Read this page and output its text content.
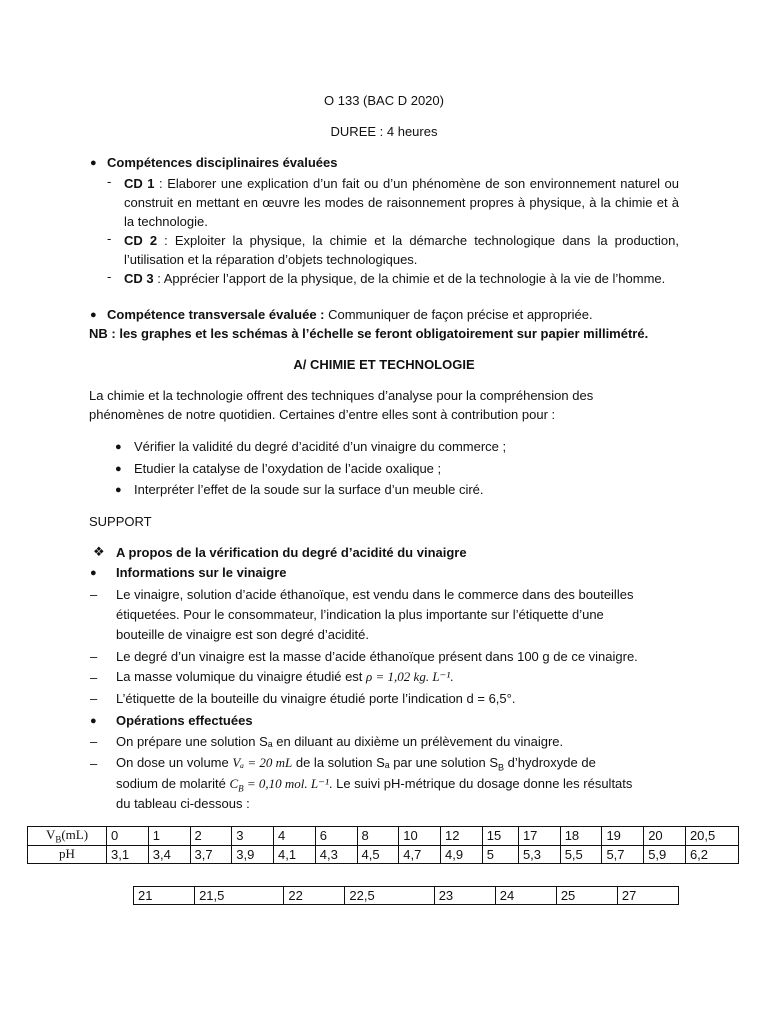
O 133 (BAC D 2020)
DUREE : 4 heures
● Compétences disciplinaires évaluées
- CD 1 : Elaborer une explication d’un fait ou d’un phénomène de son environnement naturel ou construit en mettant en œuvre les modes de raisonnement propres à physique, à la chimie et à la technologie.
- CD 2 : Exploiter la physique, la chimie et la démarche technologique dans la production, l’utilisation et la réparation d’objets technologiques.
- CD 3 : Apprécier l’apport de la physique, de la chimie et de la technologie à la vie de l’homme.
● Compétence transversale évaluée : Communiquer de façon précise et appropriée.
NB : les graphes et les schémas à l’échelle se feront obligatoirement sur papier millimétré.
A/ CHIMIE ET TECHNOLOGIE
La chimie et la technologie offrent des techniques d’analyse pour la compréhension des
phénomènes de notre quotidien. Certaines d’entre elles sont à contribution pour :
● Vérifier la validité du degré d’acidité d’un vinaigre du commerce ;
● Etudier la catalyse de l’oxydation de l’acide oxalique ;
● Interpréter l’effet de la soude sur la surface d’un meuble ciré.
SUPPORT
❖ A propos de la vérification du degré d’acidité du vinaigre
● Informations sur le vinaigre
– Le vinaigre, solution d’acide éthanoïque, est vendu dans le commerce dans des bouteilles
étiquetées. Pour le consommateur, l’indication la plus importante sur l’étiquette d’une
bouteille de vinaigre est son degré d’acidité.
– Le degré d’un vinaigre est la masse d’acide éthanoïque présent dans 100 g de ce vinaigre.
– La masse volumique du vinaigre étudié est ρ = 1,02 kg. L⁻¹.
– L’étiquette de la bouteille du vinaigre étudié porte l’indication d = 6,5°.
● Opérations effectuées
– On prépare une solution Sₐ en diluant au dixième un prélèvement du vinaigre.
– On dose un volume Vₐ = 20 mL de la solution Sₐ par une solution $S_B$ d’hydroxyde de
sodium de molarité $C_B = 0,10$ mol. L⁻¹. Le suivi pH-métrique du dosage donne les résultats
du tableau ci-dessous :
$V_B(mL)$	0	1	2	3	4	6	8	10	12	15	17	18	19	20	20,5
pH	3,1	3,4	3,7	3,9	4,1	4,3	4,5	4,7	4,9	5	5,3	5,5	5,7	5,9	6,2
21	21,5	22	22,5	23	24	25	27
